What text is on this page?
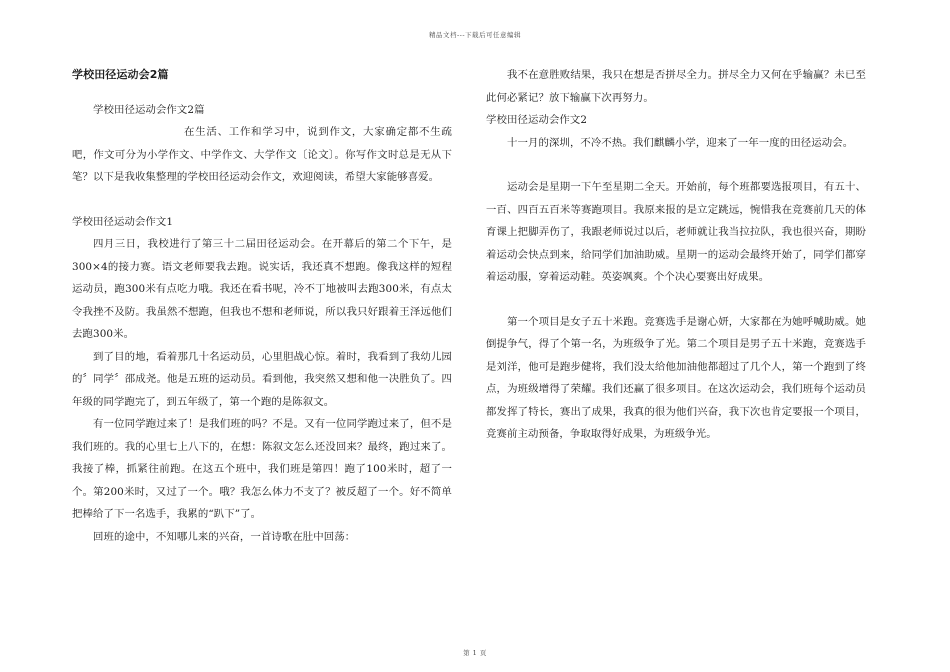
精品文档---下载后可任意编辑

学校田径运动会2篇

学校田径运动会作文2篇

在生活、工作和学习中，说到作文，大家确定都不生疏吧，作文可分为小学作文、中学作文、大学作文〔论文〕。你写作文时总是无从下笔？以下是我收集整理的学校田径运动会作文，欢迎阅读，希望大家能够喜爱。

学校田径运动会作文1

四月三日，我校进行了第三十二届田径运动会。在开幕后的第二个下午，是300×4的接力赛。语文老师要我去跑。说实话，我还真不想跑。像我这样的短程运动员，跑300米有点吃力哦。我还在看书呢，冷不丁地被叫去跑300米，有点太令我挫不及防。我虽然不想跑，但我也不想和老师说，所以我只好跟着王泽远他们去跑300米。

到了目的地，看着那几十名运动员，心里胆战心惊。着时，我看到了我幼儿园的〞同学〞邵成尧。他是五班的运动员。看到他，我突然又想和他一决胜负了。四年级的同学跑完了，到五年级了，第一个跑的是陈叙文。

有一位同学跑过来了！是我们班的吗？不是。又有一位同学跑过来了，但不是我们班的。我的心里七上八下的，在想：陈叙文怎么还没回来？最终，跑过来了。我接了棒，抓紧往前跑。在这五个班中，我们班是第四！跑了100米时，超了一个。第200米时，又过了一个。哦？我怎么体力不支了？被反超了一个。好不简单把棒给了下一名选手，我累的“趴下”了。

回班的途中，不知哪儿来的兴奋，一首诗歌在肚中回荡：

我不在意胜败结果，我只在想是否拼尽全力。拼尽全力又何在乎输赢？未已至此何必紧记？放下输赢下次再努力。

学校田径运动会作文2

十一月的深圳，不冷不热。我们麒麟小学，迎来了一年一度的田径运动会。

运动会是星期一下午至星期二全天。开始前，每个班都要选报项目，有五十、一百、四百五百米等赛跑项目。我原来报的是立定跳远，惋惜我在竞赛前几天的体育课上把脚弄伤了，我跟老师说过以后，老师就让我当拉拉队，我也很兴奋，期盼着运动会快点到来，给同学们加油助威。星期一的运动会最终开始了，同学们都穿着运动服，穿着运动鞋。英姿飒爽。个个决心要赛出好成果。

第一个项目是女子五十米跑。竞赛选手是谢心妍，大家都在为她呼喊助威。她倒提争气，得了个第一名，为班级争了光。第二个项目是男子五十米跑，竞赛选手是刘洋，他可是跑步健将，我们没太给他加油他都超过了几个人，第一个跑到了终点，为班级增得了荣耀。我们还赢了很多项目。在这次运动会，我们班每个运动员都发挥了特长，赛出了成果，我真的很为他们兴奋，我下次也肯定要报一个项目，竞赛前主动预备，争取取得好成果，为班级争光。

第 1 页
